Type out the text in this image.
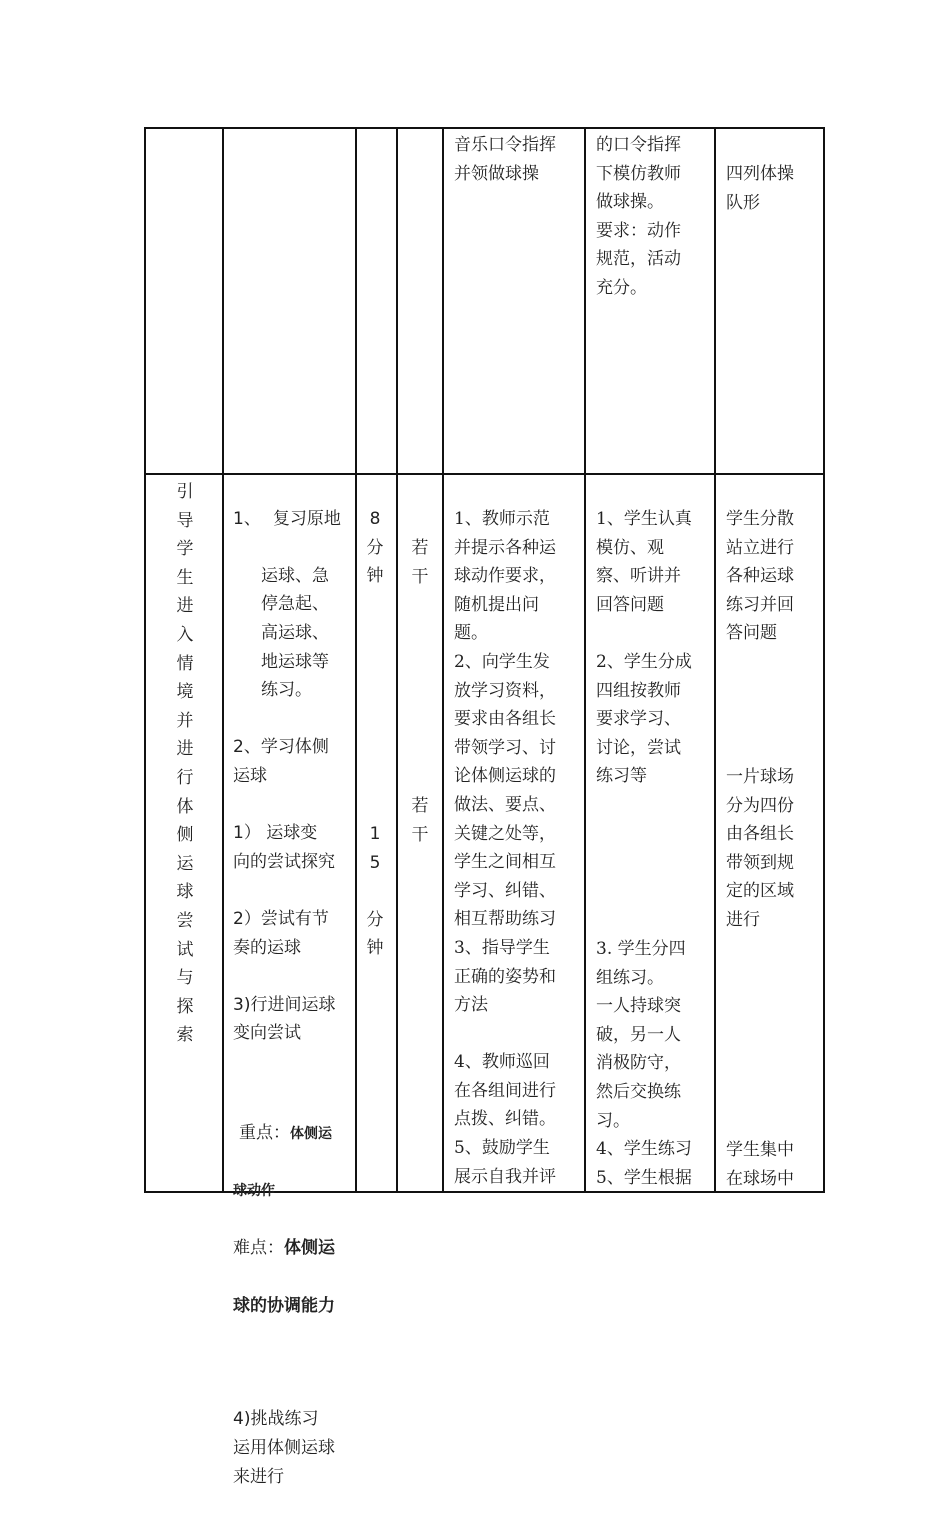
音乐口令指挥
并领做球操
的口令指挥
下模仿教师
做球操。
要求：动作
规范，活动
充分。
四列体操
队形
引导学生进入情境并进行体侧运球尝试与探索

1、 复习原地

运球、急
停急起、
高运球、
地运球等
练习。

2、学习体侧
运球

1） 运球变
向的尝试探究

2）尝试有节
奏的运球

3)行进间运球
变向尝试

重点：体侧运

球动作

难点：体侧运

球的协调能力

4)挑战练习
运用体侧运球
来进行

8
分
钟
1
5

分
钟
若
干
若
干
1、教师示范
并提示各种运
球动作要求，
随机提出问
题。
2、向学生发
放学习资料，
要求由各组长
带领学习、讨
论体侧运球的
做法、要点、
关键之处等，
学生之间相互
学习、纠错、
相互帮助练习
3、指导学生
正确的姿势和
方法

4、教师巡回
在各组间进行
点拨、纠错。
5、鼓励学生
展示自我并评
1、学生认真
模仿、观
察、听讲并
回答问题

2、学生分成
四组按教师
要求学习、
讨论，尝试
练习等
3. 学生分四
组练习。
一人持球突
破，另一人
消极防守，
然后交换练
习。
4、学生练习
5、学生根据
学生分散
站立进行
各种运球
练习并回
答问题
一片球场
分为四份
由各组长
带领到规
定的区域
进行
学生集中
在球场中
